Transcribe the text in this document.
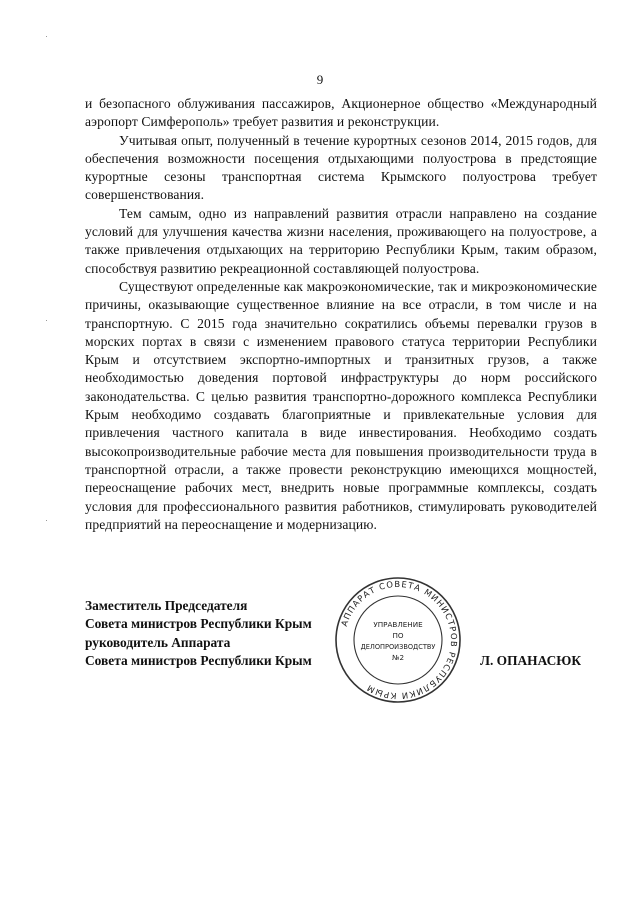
9

и безопасного облуживания пассажиров, Акционерное общество «Международный аэропорт Симферополь» требует развития и реконструкции.

Учитывая опыт, полученный в течение курортных сезонов 2014, 2015 годов, для обеспечения возможности посещения отдыхающими полуострова в предстоящие курортные сезоны транспортная система Крымского полуострова требует совершенствования.

Тем самым, одно из направлений развития отрасли направлено на создание условий для улучшения качества жизни населения, проживающего на полуострове, а также привлечения отдыхающих на территорию Республики Крым, таким образом, способствуя развитию рекреационной составляющей полуострова.

Существуют определенные как макроэкономические, так и микроэкономические причины, оказывающие существенное влияние на все отрасли, в том числе и на транспортную. С 2015 года значительно сократились объемы перевалки грузов в морских портах в связи с изменением правового статуса территории Республики Крым и отсутствием экспортно-импортных и транзитных грузов, а также необходимостью доведения портовой инфраструктуры до норм российского законодательства. С целью развития транспортно-дорожного комплекса Республики Крым необходимо создавать благоприятные и привлекательные условия для привлечения частного капитала в виде инвестирования. Необходимо создать высокопроизводительные рабочие места для повышения производительности труда в транспортной отрасли, а также провести реконструкцию имеющихся мощностей, переоснащение рабочих мест, внедрить новые программные комплексы, создать условия для профессионального развития работников, стимулировать руководителей предприятий на переоснащение и модернизацию.

Заместитель Председателя
Совета министров Республики Крым
руководитель Аппарата
Совета министров Республики Крым	Л. ОПАНАСЮК
АППАРАТ СОВЕТА МИНИСТРОВ РЕСПУБЛИКИ КРЫМ
УПРАВЛЕНИЕ
ПО
ДЕЛОПРОИЗВОДСТВУ
№2
